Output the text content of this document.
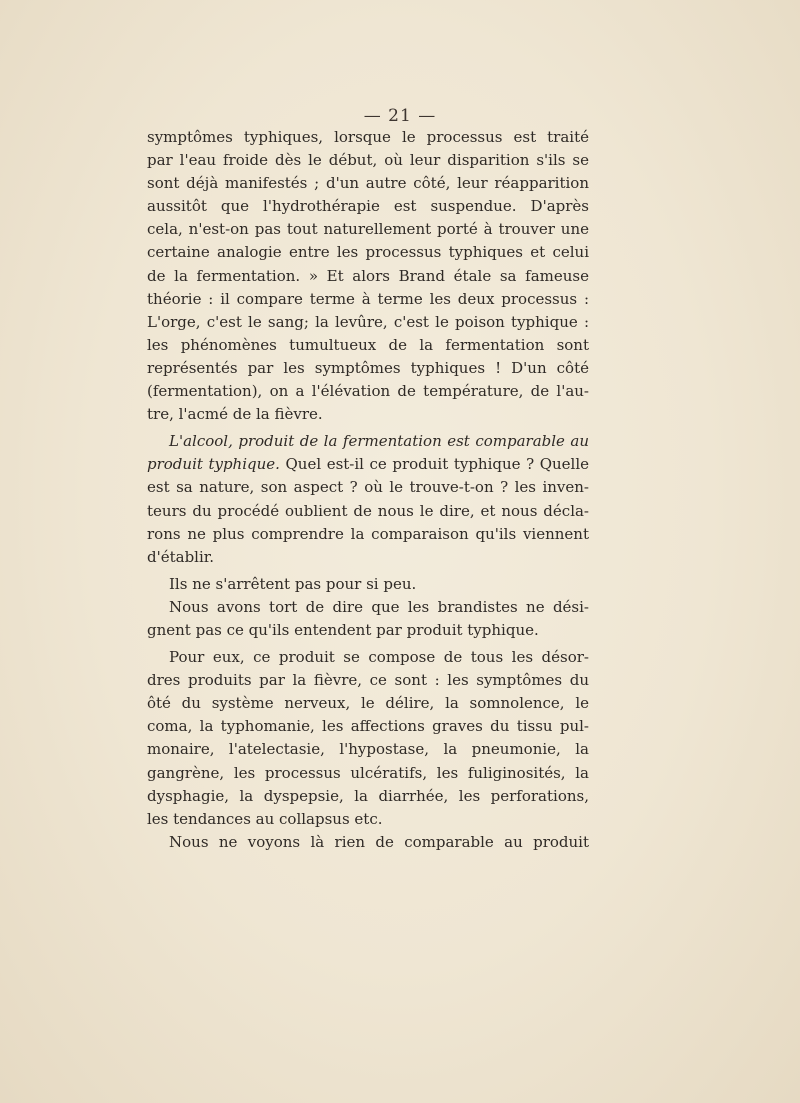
— 21 —
symptômes typhiques, lorsque le processus est traité
par l'eau froide dès le début, où leur disparition s'ils se
sont déjà manifestés ; d'un autre côté, leur réapparition
aussitôt que l'hydrothérapie est suspendue. D'après
cela, n'est-on pas tout naturellement porté à trouver une
certaine analogie entre les processus typhiques et celui
de la fermentation. » Et alors Brand étale sa fameuse
théorie : il compare terme à terme les deux processus :
L'orge, c'est le sang; la levûre, c'est le poison typhique :
les phénomènes tumultueux de la fermentation sont
représentés par les symptômes typhiques ! D'un côté
(fermentation), on a l'élévation de température, de l'au-
tre, l'acmé de la fièvre.
L'alcool, produit de la fermentation est comparable au
produit typhique. Quel est-il ce produit typhique ? Quelle
est sa nature, son aspect ? où le trouve-t-on ? les inven-
teurs du procédé oublient de nous le dire, et nous décla-
rons ne plus comprendre la comparaison qu'ils viennent
d'établir.
Ils ne s'arrêtent pas pour si peu.
Nous avons tort de dire que les brandistes ne dési-
gnent pas ce qu'ils entendent par produit typhique.
Pour eux, ce produit se compose de tous les désor-
dres produits par la fièvre, ce sont : les symptômes du
ôté du système nerveux, le délire, la somnolence, le
coma, la typhomanie, les affections graves du tissu pul-
monaire, l'atelectasie, l'hypostase, la pneumonie, la
gangrène, les processus ulcératifs, les fuliginosités, la
dysphagie, la dyspepsie, la diarrhée, les perforations,
les tendances au collapsus etc.
Nous ne voyons là rien de comparable au produit
